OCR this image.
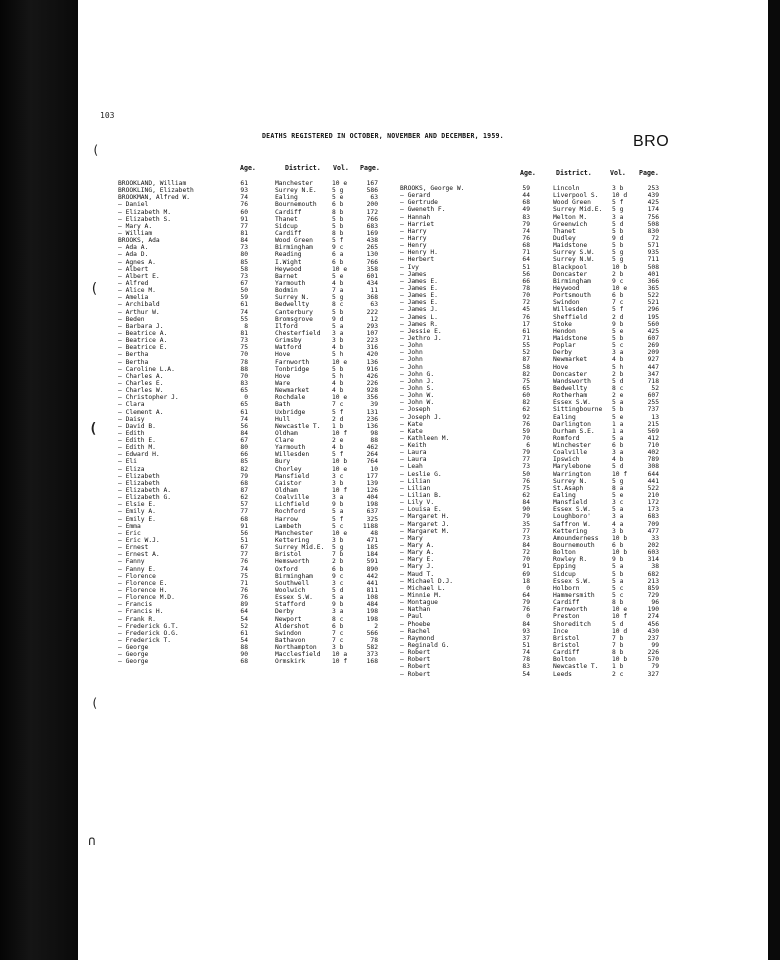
(
(
(
(
∩
103
DEATHS REGISTERED IN OCTOBER, NOVEMBER AND DECEMBER, 1959.	BRO
Age.	District. Vol. Page.
Age.	District.	Vol. Page.
BROOKLAND, William	61	Manchester	10 e	167
BROOKLING, Elizabeth	93	Surrey N.E. 5 g	586
BROOKMAN, Alfred W.	74	Ealing	5 e	63
— Daniel	76	Bournemouth 6 b	200
— Elizabeth M.	60	Cardiff	8 b	172
— Elizabeth S.	91	Thanet	5 b	766
— Mary A.	77	Sidcup	5 b	683
— William	81	Cardiff	8 b	169
BROOKS, Ada	84	Wood Green	5 f	438
— Ada A.	73	Birmingham	9 c	265
— Ada D.	80	Reading	6 a	130
— Agnes A.	85	I.Wight	6 b	766
— Albert	58	Heywood	10 e	358
— Albert E.	73	Barnet	5 e	601
— Alfred	67	Yarmouth	4 b	434
— Alice M.	50	Bodmin	7 a	11
— Amelia	59	Surrey N.	5 g	368
— Archibald	61	Bedwellty	8 c	63
— Arthur W.	74	Canterbury	5 b	222
— Beden	55	Bromsgrove	9 d	12
— Barbara J.	8	Ilford	5 a	293
— Beatrice A.	81	Chesterfield 3 a	107
— Beatrice A.	73	Grimsby	3 b	223
— Beatrice E.	75	Watford	4 b	316
— Bertha	70	Hove	5 h	420
— Bertha	78	Farnworth	10 e	136
— Caroline L.A.	88	Tonbridge	5 b	916
— Charles A.	70	Hove	5 h	426
— Charles E.	83	Ware	4 b	226
— Charles W.	65	Newmarket	4 b	928
— Christopher J.	0	Rochdale	10 e	356
— Clara	65	Bath	7 c	39
— Clement A.	61	Uxbridge	5 f	131
— Daisy	74	Hull	2 d	236
— David B.	56	Newcastle T. 1 b	136
— Edith	84	Oldham	10 f	98
— Edith E.	67	Clare	2 e	88
— Edith M.	80	Yarmouth	4 b	462
— Edward H.	66	Willesden	5 f	264
— Eli	85	Bury	10 b	764
— Eliza	82	Chorley	10 e	10
— Elizabeth	79	Mansfield	3 c	177
— Elizabeth	68	Caistor	3 b	139
— Elizabeth A.	87	Oldham	10 f	126
— Elizabeth G.	62	Coalville	3 a	404
— Elsie E.	57	Lichfield	9 b	198
— Emily A.	77	Rochford	5 a	637
— Emily E.	68	Harrow	5 f	325
— Emma	91	Lambeth	5 c	1188
— Eric	56	Manchester	10 e	48
— Eric W.J.	51	Kettering	3 b	471
— Ernest	67	Surrey Mid.E. 5 g	185
— Ernest A.	77	Bristol	7 b	184
— Fanny	76	Hemsworth	2 b	591
— Fanny E.	74	Oxford	6 b	890
— Florence	75	Birmingham	9 c	442
— Florence E.	71	Southwell	3 c	441
— Florence H.	76	Woolwich	5 d	811
— Florence M.D.	76	Essex S.W.	5 a	108
— Francis	89	Stafford	9 b	484
— Francis H.	64	Derby	3 a	198
— Frank R.	54	Newport	8 c	198
— Frederick G.T.	52	Aldershot	6 b	2
— Frederick O.G.	61	Swindon	7 c	566
— Frederick T.	54	Bathavon	7 c	78
— George	88	Northampton 3 b	582
— George	90	Macclesfield 10 a	373
— George	68	Ormskirk	10 f	168
BROOKS, George W.	59	Lincoln	3 b	253
— Gerard	44	Liverpool S. 10 d	439
— Gertrude	68	Wood Green	5 f	425
— Gweneth F.	49	Surrey Mid.E. 5 g	174
— Hannah	83	Melton M.	3 a	756
— Harriet	79	Greenwich	5 d	508
— Harry	74	Thanet	5 b	830
— Harry	76	Dudley	9 d	72
— Henry	68	Maidstone	5 b	571
— Henry H.	71	Surrey S.W.	5 g	935
— Herbert	64	Surrey N.W.	5 g	711
— Ivy	51	Blackpool	10 b	508
— James	56	Doncaster	2 b	401
— James E.	66	Birmingham	9 c	366
— James E.	78	Heywood	10 e	365
— James E.	70	Portsmouth	6 b	522
— James E.	72	Swindon	7 c	521
— James J.	45	Willesden	5 f	296
— James L.	76	Sheffield	2 d	195
— James R.	17	Stoke	9 b	560
— Jessie E.	61	Hendon	5 e	425
— Jethro J.	71	Maidstone	5 b	607
— John	55	Poplar	5 c	269
— John	52	Derby	3 a	209
— John	87	Newmarket	4 b	927
— John	58	Hove	5 h	447
— John G.	82	Doncaster	2 b	347
— John J.	75	Wandsworth	5 d	718
— John S.	65	Bedwellty	8 c	52
— John W.	60	Rotherham	2 e	607
— John W.	82	Essex S.W.	5 a	255
— Joseph	62	Sittingbourne 5 b	737
— Joseph J.	92	Ealing	5 e	13
— Kate	76	Darlington	1 a	215
— Kate	59	Durham S.E.	1 a	569
— Kathleen M.	70	Romford	5 a	412
— Keith	6	Winchester	6 b	710
— Laura	79	Coalville	3 a	402
— Laura	77	Ipswich	4 b	789
— Leah	73	Marylebone	5 d	308
— Leslie G.	50	Warrington	10 f	644
— Lilian	76	Surrey N.	5 g	441
— Lilian	75	St.Asaph	8 a	522
— Lilian B.	62	Ealing	5 e	210
— Lily V.	84	Mansfield	3 c	172
— Louisa E.	90	Essex S.W.	5 a	173
— Margaret H.	79	Loughboro'	3 a	683
— Margaret J.	35	Saffron W.	4 a	709
— Margaret M.	77	Kettering	3 b	477
— Mary	73	Amounderness 10 b	33
— Mary A.	84	Bournemouth	6 b	202
— Mary A.	72	Bolton	10 b	603
— Mary E.	70	Rowley R.	9 b	314
— Mary J.	91	Epping	5 a	38
— Maud T.	69	Sidcup	5 b	682
— Michael D.J.	18	Essex S.W.	5 a	213
— Michael L.	0	Holborn	5 c	859
— Minnie M.	64	Hammersmith	5 c	729
— Montague	79	Cardiff	8 b	96
— Nathan	76	Farnworth	10 e	190
— Paul	0	Preston	10 f	274
— Phoebe	84	Shoreditch	5 d	456
— Rachel	93	Ince	10 d	430
— Raymond	37	Bristol	7 b	237
— Reginald G.	51	Bristol	7 b	99
— Robert	74	Cardiff	8 b	226
— Robert	78	Bolton	10 b	570
— Robert	83	Newcastle T. 1 b	79
— Robert	54	Leeds	2 c	327
